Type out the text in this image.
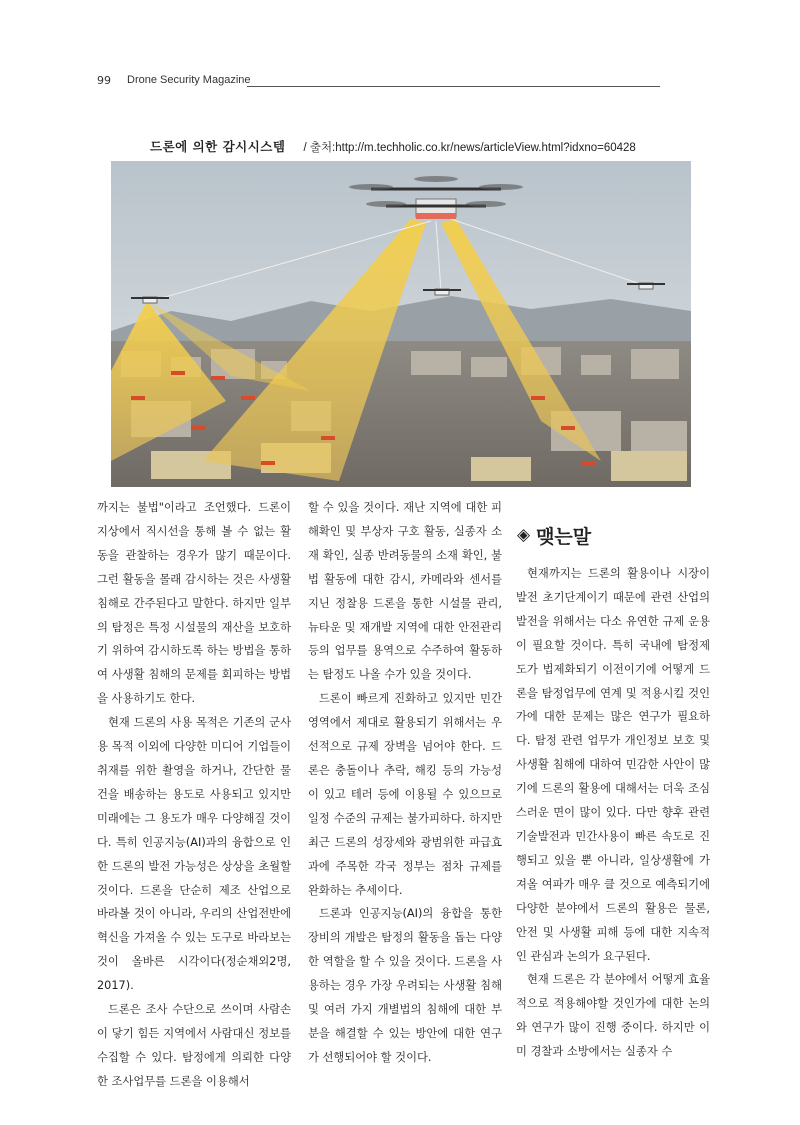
99 Drone Security Magazine
드론에 의한 감시시스템 / 출처:http://m.techholic.co.kr/news/articleView.html?idxno=60428

까지는 불법"이라고 조언했다. 드론이 지상에서 직시선을 통해 볼 수 없는 활동을 관찰하는 경우가 많기 때문이다. 그런 활동을 몰래 감시하는 것은 사생활 침해로 간주된다고 말한다. 하지만 일부의 탐정은 특정 시설물의 재산을 보호하기 위하여 감시하도록 하는 방법을 통하여 사생활 침해의 문제를 회피하는 방법을 사용하기도 한다.

현재 드론의 사용 목적은 기존의 군사용 목적 이외에 다양한 미디어 기업들이 취재를 위한 촬영을 하거나, 간단한 물건을 배송하는 용도로 사용되고 있지만 미래에는 그 용도가 매우 다양해질 것이다. 특히 인공지능(AI)과의 융합으로 인한 드론의 발전 가능성은 상상을 초월할 것이다. 드론을 단순히 제조 산업으로 바라볼 것이 아니라, 우리의 산업전반에 혁신을 가져올 수 있는 도구로 바라보는 것이 올바른 시각이다(정순채외2명, 2017).

드론은 조사 수단으로 쓰이며 사람손이 닿기 힘든 지역에서 사람대신 정보를 수집할 수 있다. 탐정에게 의뢰한 다양한 조사업무를 드론을 이용해서

할 수 있을 것이다. 재난 지역에 대한 피해확인 및 부상자 구호 활동, 실종자 소재 확인, 실종 반려동물의 소재 확인, 불법 활동에 대한 감시, 카메라와 센서를 지닌 정찰용 드론을 통한 시설물 관리, 뉴타운 및 재개발 지역에 대한 안전관리 등의 업무를 용역으로 수주하여 활동하는 탐정도 나올 수가 있을 것이다.

드론이 빠르게 진화하고 있지만 민간영역에서 제대로 활용되기 위해서는 우선적으로 규제 장벽을 넘어야 한다. 드론은 충돌이나 추락, 해킹 등의 가능성이 있고 테러 등에 이용될 수 있으므로 일정 수준의 규제는 불가피하다. 하지만 최근 드론의 성장세와 광범위한 파급효과에 주목한 각국 정부는 점차 규제를 완화하는 추세이다.

드론과 인공지능(AI)의 융합을 통한 장비의 개발은 탐정의 활동을 돕는 다양한 역할을 할 수 있을 것이다. 드론을 사용하는 경우 가장 우려되는 사생활 침해 및 여러 가지 개별법의 침해에 대한 부분을 해결할 수 있는 방안에 대한 연구가 선행되어야 할 것이다.

◈ 맺는말

현재까지는 드론의 활용이나 시장이 발전 초기단계이기 때문에 관련 산업의 발전을 위해서는 다소 유연한 규제 운용이 필요할 것이다. 특히 국내에 탐정제도가 법제화되기 이전이기에 어떻게 드론을 탐정업무에 연계 및 적용시킬 것인가에 대한 문제는 많은 연구가 필요하다. 탐정 관련 업무가 개인정보 보호 및 사생활 침해에 대하여 민감한 사안이 많기에 드론의 활용에 대해서는 더욱 조심스러운 면이 많이 있다. 다만 향후 관련 기술발전과 민간사용이 빠른 속도로 진행되고 있을 뿐 아니라, 일상생활에 가져올 여파가 매우 클 것으로 예측되기에 다양한 분야에서 드론의 활용은 물론, 안전 및 사생활 피해 등에 대한 지속적인 관심과 논의가 요구된다.

현재 드론은 각 분야에서 어떻게 효율적으로 적용해야할 것인가에 대한 논의와 연구가 많이 진행 중이다. 하지만 이미 경찰과 소방에서는 실종자 수
